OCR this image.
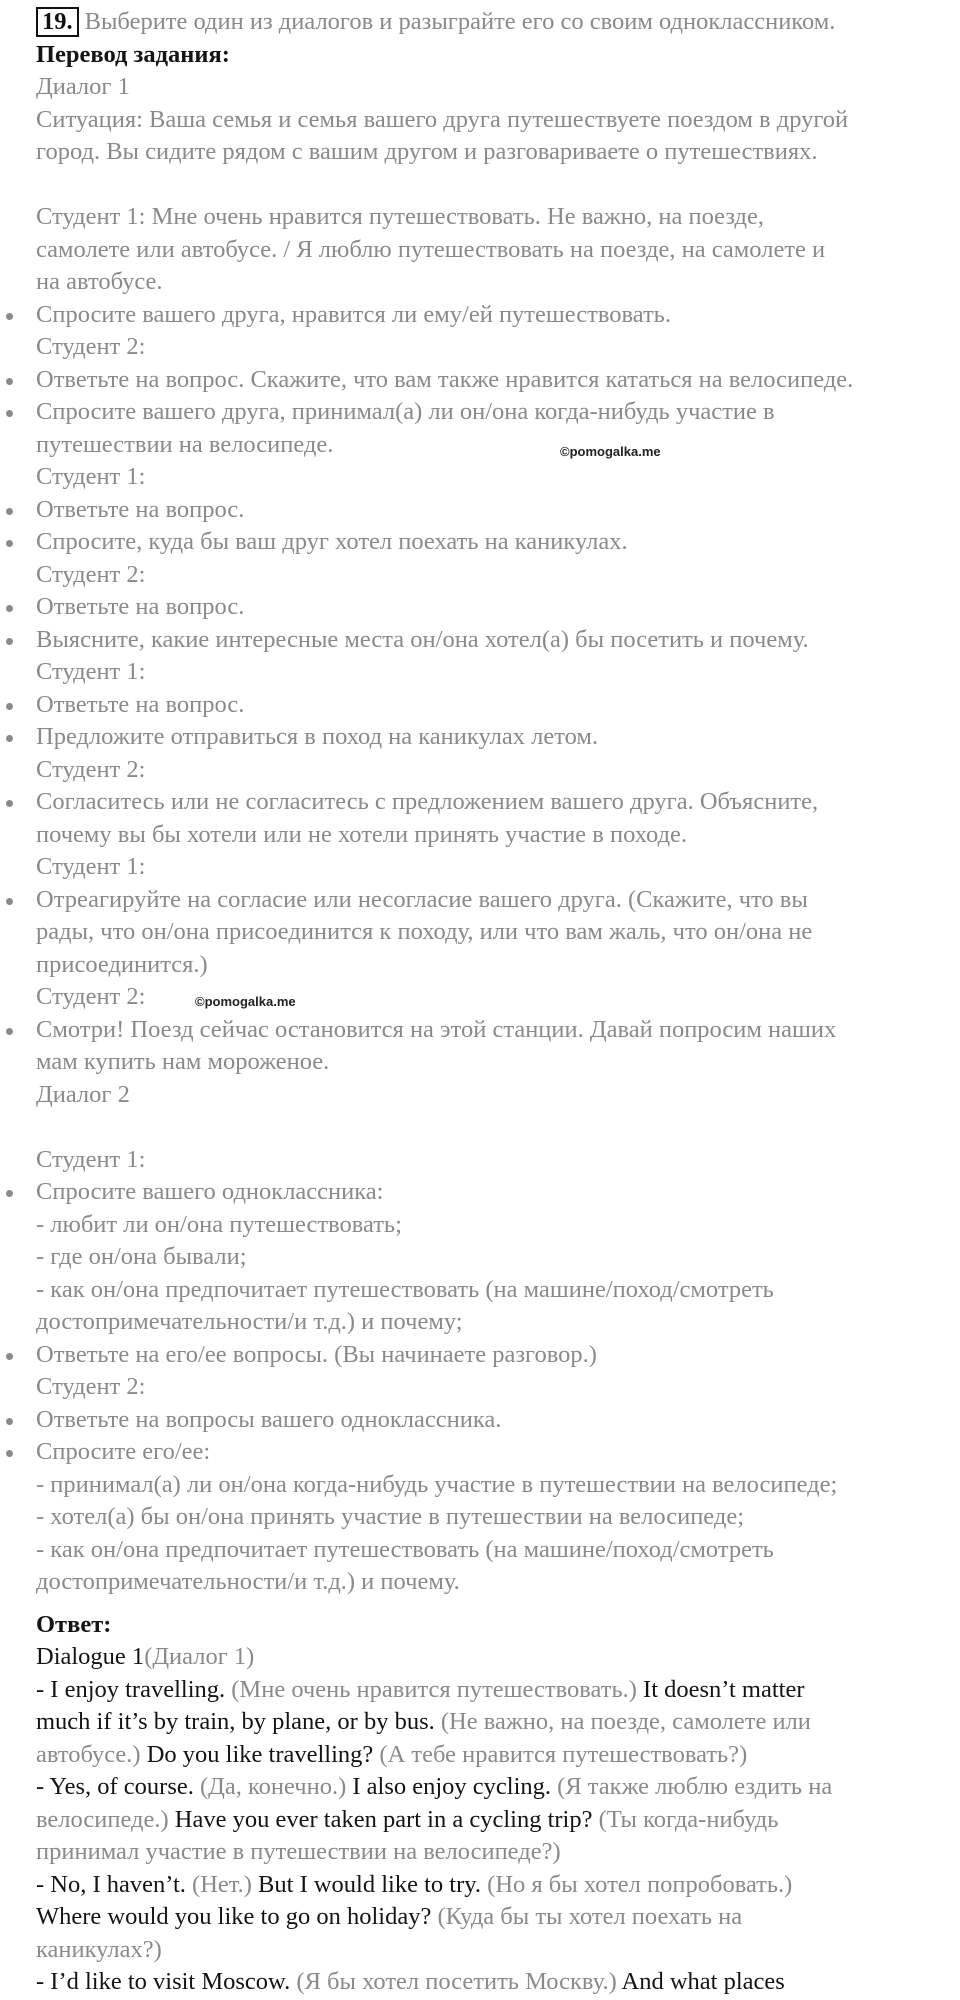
19. Выберите один из диалогов и разыграйте его со своим одноклассником.
Перевод задания:
Диалог 1
Ситуация: Ваша семья и семья вашего друга путешествуете поездом в другой
город. Вы сидите рядом с вашим другом и разговариваете о путешествиях.
Студент 1: Мне очень нравится путешествовать. Не важно, на поезде,
самолете или автобусе. / Я люблю путешествовать на поезде, на самолете и
на автобусе.
Спросите вашего друга, нравится ли ему/ей путешествовать.
Студент 2:
Ответьте на вопрос. Скажите, что вам также нравится кататься на велосипеде.
Спросите вашего друга, принимал(а) ли он/она когда-нибудь участие в
путешествии на велосипеде.
Студент 1:
Ответьте на вопрос.
Спросите, куда бы ваш друг хотел поехать на каникулах.
Студент 2:
Ответьте на вопрос.
Выясните, какие интересные места он/она хотел(а) бы посетить и почему.
Студент 1:
Ответьте на вопрос.
Предложите отправиться в поход на каникулах летом.
Студент 2:
Согласитесь или не согласитесь с предложением вашего друга. Объясните,
почему вы бы хотели или не хотели принять участие в походе.
Студент 1:
Отреагируйте на согласие или несогласие вашего друга. (Скажите, что вы
рады, что он/она присоединится к походу, или что вам жаль, что он/она не
присоединится.)
Студент 2:
Смотри! Поезд сейчас остановится на этой станции. Давай попросим наших
мам купить нам мороженое.
Диалог 2
Студент 1:
Спросите вашего одноклассника:
- любит ли он/она путешествовать;
- где он/она бывали;
- как он/она предпочитает путешествовать (на машине/поход/смотреть
достопримечательности/и т.д.) и почему;
Ответьте на его/ее вопросы. (Вы начинаете разговор.)
Студент 2:
Ответьте на вопросы вашего одноклассника.
Спросите его/ее:
- принимал(а) ли он/она когда-нибудь участие в путешествии на велосипеде;
- хотел(а) бы он/она принять участие в путешествии на велосипеде;
- как он/она предпочитает путешествовать (на машине/поход/смотреть
достопримечательности/и т.д.) и почему.
Ответ:
Dialogue 1(Диалог 1)
- I enjoy travelling. (Мне очень нравится путешествовать.) It doesn’t matter
much if it’s by train, by plane, or by bus. (Не важно, на поезде, самолете или
автобусе.) Do you like travelling? (А тебе нравится путешествовать?)
- Yes, of course. (Да, конечно.) I also enjoy cycling. (Я также люблю ездить на
велосипеде.) Have you ever taken part in a cycling trip? (Ты когда-нибудь
принимал участие в путешествии на велосипеде?)
- No, I haven’t. (Нет.) But I would like to try. (Но я бы хотел попробовать.)
Where would you like to go on holiday? (Куда бы ты хотел поехать на
каникулах?)
- I’d like to visit Moscow. (Я бы хотел посетить Москву.) And what places
©pomogalka.me
©pomogalka.me
